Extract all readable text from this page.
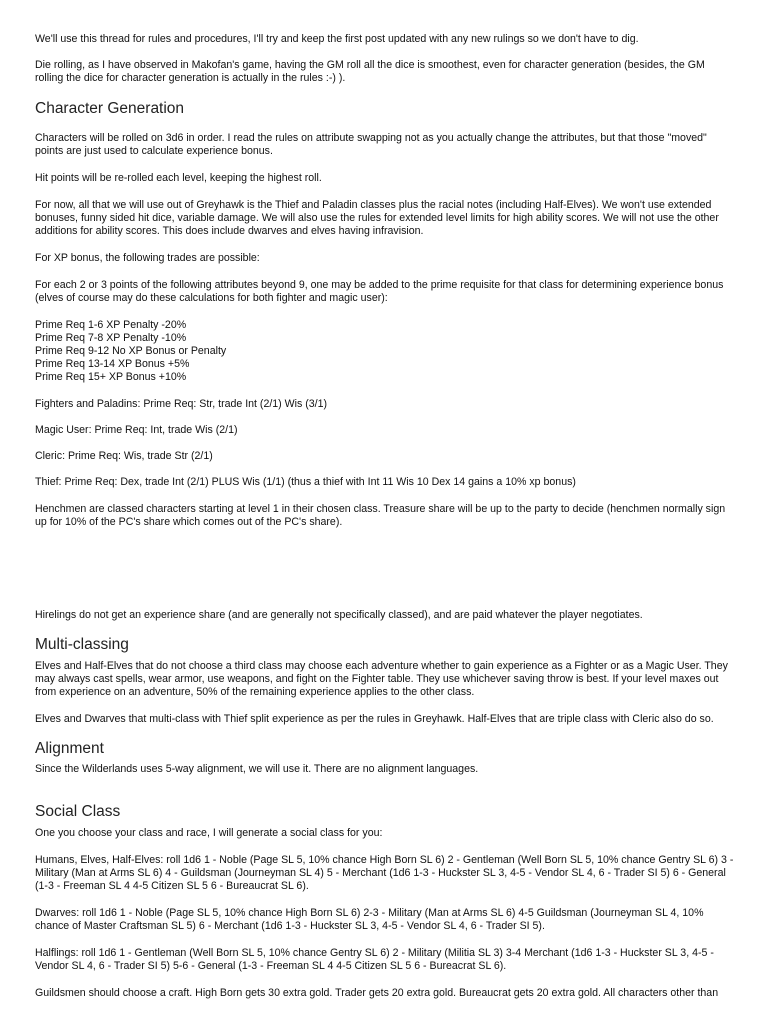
We'll use this thread for rules and procedures, I'll try and keep the first post updated with any new rulings so we don't have to dig.

Die rolling, as I have observed in Makofan's game, having the GM roll all the dice is smoothest, even for character generation (besides, the GM rolling the dice for character generation is actually in the rules :-) ).

Character Generation

Characters will be rolled on 3d6 in order. I read the rules on attribute swapping not as you actually change the attributes, but that those "moved" points are just used to calculate experience bonus.

Hit points will be re-rolled each level, keeping the highest roll.

For now, all that we will use out of Greyhawk is the Thief and Paladin classes plus the racial notes (including Half-Elves). We won't use extended bonuses, funny sided hit dice, variable damage. We will also use the rules for extended level limits for high ability scores. We will not use the other additions for ability scores. This does include dwarves and elves having infravision.

For XP bonus, the following trades are possible:

For each 2 or 3 points of the following attributes beyond 9, one may be added to the prime requisite for that class for determining experience bonus (elves of course may do these calculations for both fighter and magic user):

Prime Req 1-6 XP Penalty -20%

Prime Req 7-8 XP Penalty -10%

Prime Req 9-12 No XP Bonus or Penalty

Prime Req 13-14 XP Bonus +5%

Prime Req 15+ XP Bonus +10%

Fighters and Paladins: Prime Req: Str, trade Int (2/1) Wis (3/1)

Magic User: Prime Req: Int, trade Wis (2/1)

Cleric: Prime Req: Wis, trade Str (2/1)

Thief: Prime Req: Dex, trade Int (2/1) PLUS Wis (1/1) (thus a thief with Int 11 Wis 10 Dex 14 gains a 10% xp bonus)

Henchmen are classed characters starting at level 1 in their chosen class. Treasure share will be up to the party to decide (henchmen normally sign up for 10% of the PC's share which comes out of the PC's share).

Hirelings do not get an experience share (and are generally not specifically classed), and are paid whatever the player negotiates.

Multi-classing

Elves and Half-Elves that do not choose a third class may choose each adventure whether to gain experience as a Fighter or as a Magic User. They may always cast spells, wear armor, use weapons, and fight on the Fighter table. They use whichever saving throw is best. If your level maxes out from experience on an adventure, 50% of the remaining experience applies to the other class.

Elves and Dwarves that multi-class with Thief split experience as per the rules in Greyhawk. Half-Elves that are triple class with Cleric also do so.

Alignment

Since the Wilderlands uses 5-way alignment, we will use it. There are no alignment languages.

Social Class

One you choose your class and race, I will generate a social class for you:

Humans, Elves, Half-Elves: roll 1d6 1 - Noble (Page SL 5, 10% chance High Born SL 6) 2 - Gentleman (Well Born SL 5, 10% chance Gentry SL 6) 3 - Military (Man at Arms SL 6) 4 - Guildsman (Journeyman SL 4) 5 - Merchant (1d6 1-3 - Huckster SL 3, 4-5 - Vendor SL 4, 6 - Trader SI 5) 6 - General (1-3 - Freeman SL 4 4-5 Citizen SL 5 6 - Bureaucrat SL 6).

Dwarves: roll 1d6 1 - Noble (Page SL 5, 10% chance High Born SL 6) 2-3 - Military (Man at Arms SL 6) 4-5 Guildsman (Journeyman SL 4, 10% chance of Master Craftsman SL 5) 6 - Merchant (1d6 1-3 - Huckster SL 3, 4-5 - Vendor SL 4, 6 - Trader SI 5).

Halflings: roll 1d6 1 - Gentleman (Well Born SL 5, 10% chance Gentry SL 6) 2 - Military (Militia SL 3) 3-4 Merchant (1d6 1-3 - Huckster SL 3, 4-5 - Vendor SL 4, 6 - Trader SI 5) 5-6 - General (1-3 - Freeman SL 4 4-5 Citizen SL 5 6 - Bureacrat SL 6).

Guildsmen should choose a craft. High Born gets 30 extra gold. Trader gets 20 extra gold. Bureaucrat gets 20 extra gold. All characters other than
